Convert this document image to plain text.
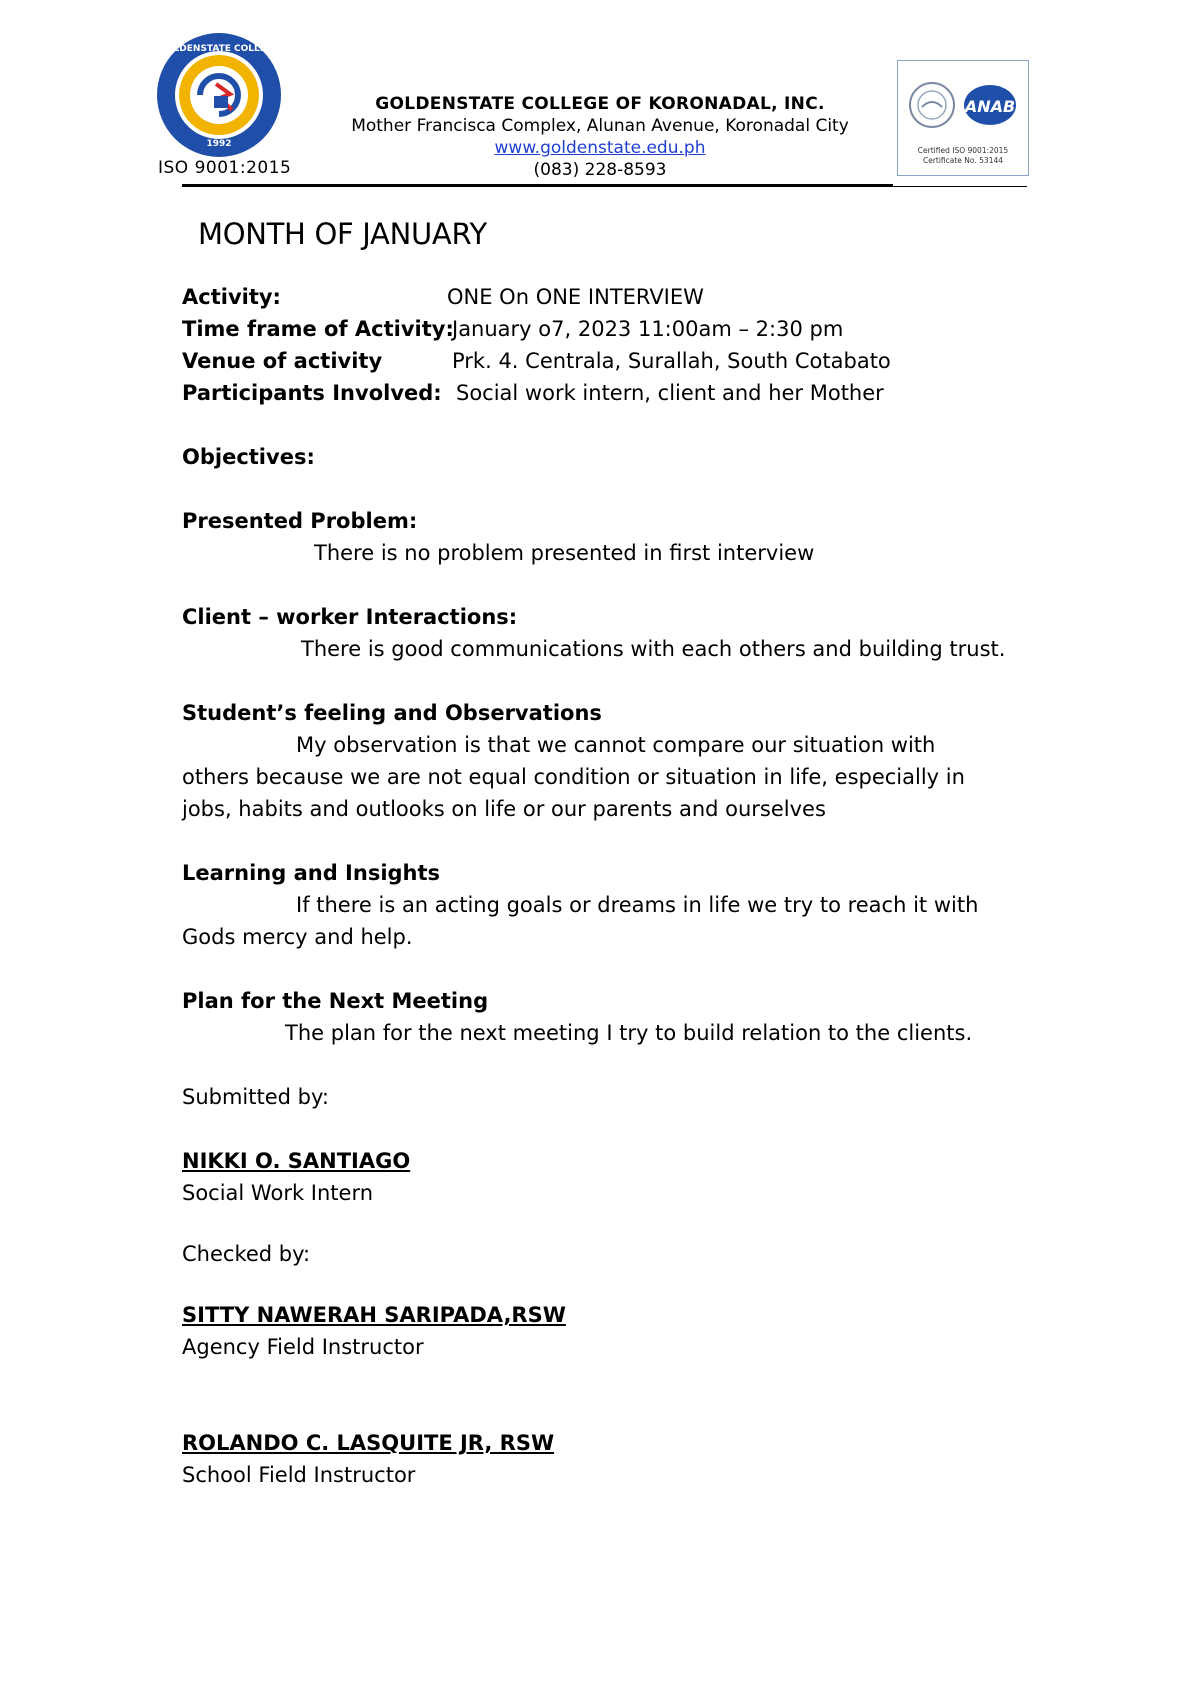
GOLDENSTATE COLLEGE
1992
ISO 9001:2015
GOLDENSTATE COLLEGE OF KORONADAL, INC.
Mother Francisca Complex, Alunan Avenue, Koronadal City
www.goldenstate.edu.ph
(083) 228-8593
ANAB
Certified ISO 9001:2015
Certificate No. 53144
MONTH OF JANUARY
Activity:	ONE On ONE INTERVIEW
Time frame of Activity:
January o7, 2023 11:00am – 2:30 pm
Venue of activity	Prk. 4. Centrala, Surallah, South Cotabato
Participants Involved: Social work intern, client and her Mother
Objectives:
Presented Problem:
There is no problem presented in first interview
Client – worker Interactions:
There is good communications with each others and building trust.
Student’s feeling and Observations
My observation is that we cannot compare our situation with
others because we are not equal condition or situation in life, especially in
jobs, habits and outlooks on life or our parents and ourselves
Learning and Insights
If there is an acting goals or dreams in life we try to reach it with
Gods mercy and help.
Plan for the Next Meeting
The plan for the next meeting I try to build relation to the clients.
Submitted by:
NIKKI O. SANTIAGO
Social Work Intern
Checked by:
SITTY NAWERAH SARIPADA,RSW
Agency Field Instructor
ROLANDO C. LASQUITE JR, RSW
School Field Instructor
